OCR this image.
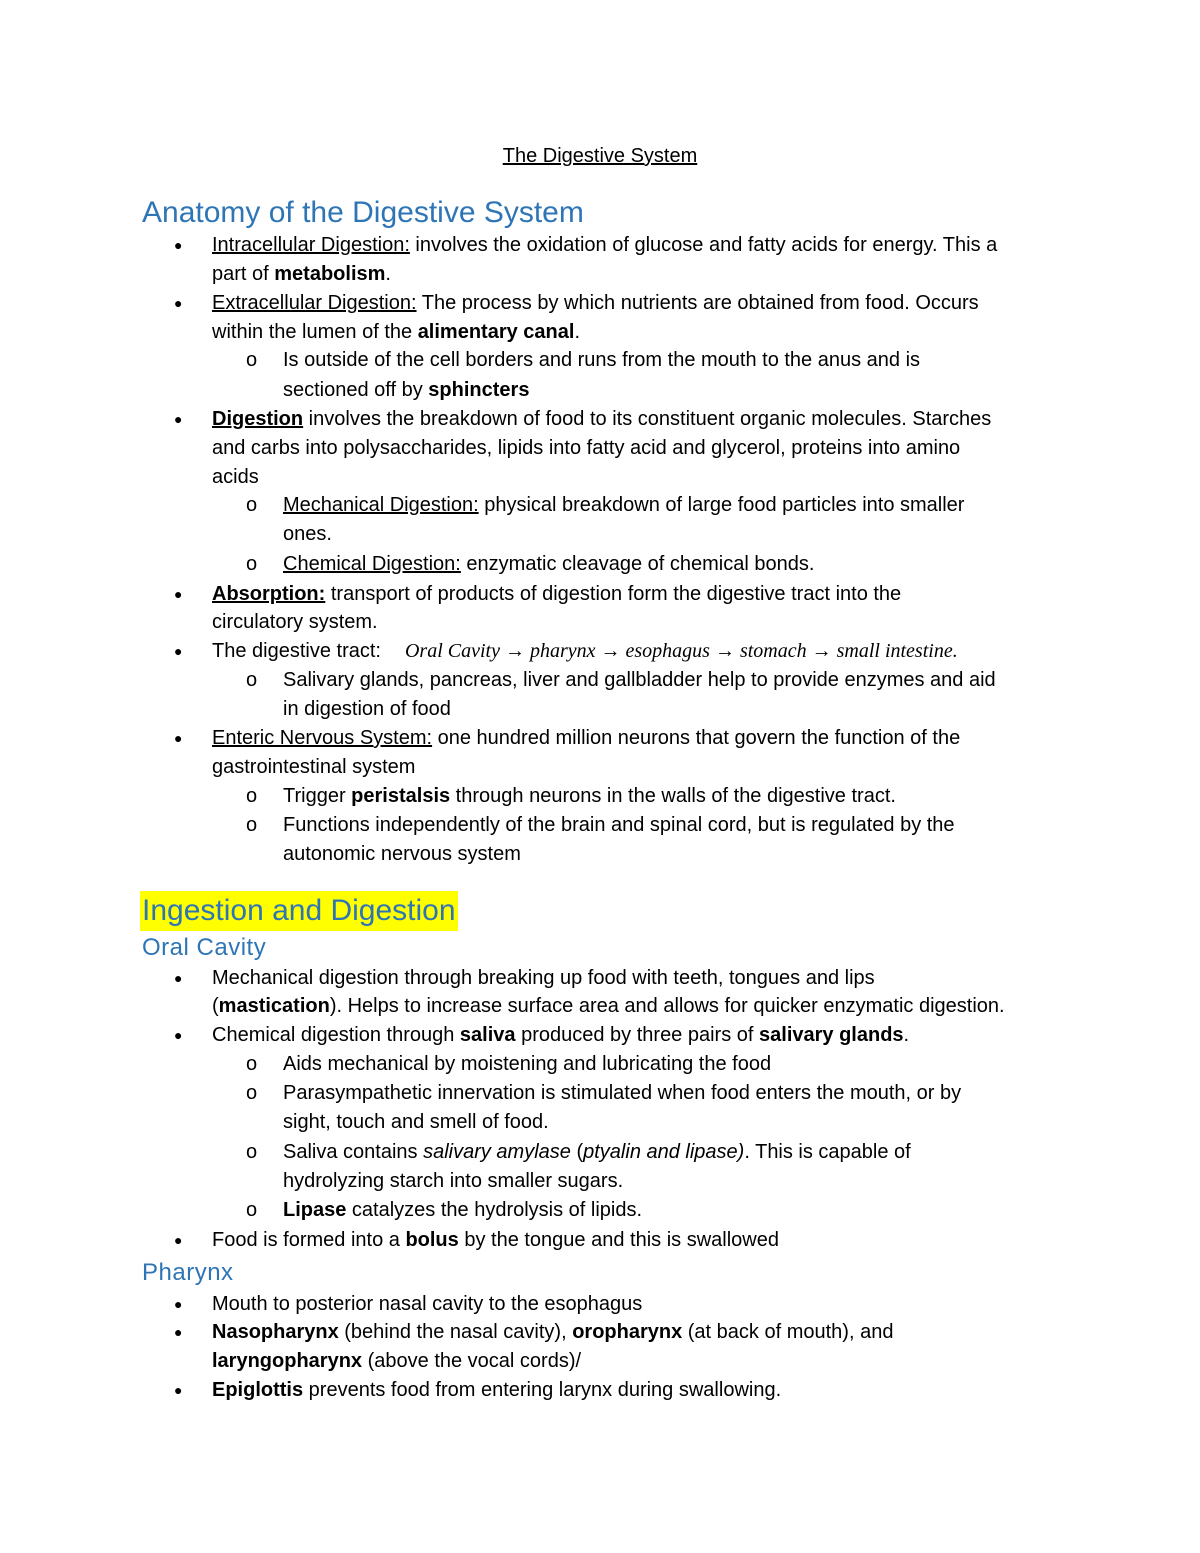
The Digestive System
Anatomy of the Digestive System
● Intracellular Digestion: involves the oxidation of glucose and fatty acids for energy. This a
part of metabolism.
● Extracellular Digestion: The process by which nutrients are obtained from food. Occurs
within the lumen of the alimentary canal.
o Is outside of the cell borders and runs from the mouth to the anus and is
sectioned off by sphincters
● Digestion involves the breakdown of food to its constituent organic molecules. Starches
and carbs into polysaccharides, lipids into fatty acid and glycerol, proteins into amino
acids
o Mechanical Digestion: physical breakdown of large food particles into smaller
ones.
o Chemical Digestion: enzymatic cleavage of chemical bonds.
● Absorption: transport of products of digestion form the digestive tract into the
circulatory system.
● The digestive tract: Oral Cavity → pharynx → esophagus → stomach → small intestine.
o Salivary glands, pancreas, liver and gallbladder help to provide enzymes and aid
in digestion of food
● Enteric Nervous System: one hundred million neurons that govern the function of the
gastrointestinal system
o Trigger peristalsis through neurons in the walls of the digestive tract.
o Functions independently of the brain and spinal cord, but is regulated by the
autonomic nervous system
Ingestion and Digestion
Oral Cavity
● Mechanical digestion through breaking up food with teeth, tongues and lips
(mastication). Helps to increase surface area and allows for quicker enzymatic digestion.
● Chemical digestion through saliva produced by three pairs of salivary glands.
o Aids mechanical by moistening and lubricating the food
o Parasympathetic innervation is stimulated when food enters the mouth, or by
sight, touch and smell of food.
o Saliva contains salivary amylase (ptyalin and lipase). This is capable of
hydrolyzing starch into smaller sugars.
o Lipase catalyzes the hydrolysis of lipids.
● Food is formed into a bolus by the tongue and this is swallowed
Pharynx
● Mouth to posterior nasal cavity to the esophagus
● Nasopharynx (behind the nasal cavity), oropharynx (at back of mouth), and
laryngopharynx (above the vocal cords)/
● Epiglottis prevents food from entering larynx during swallowing.
